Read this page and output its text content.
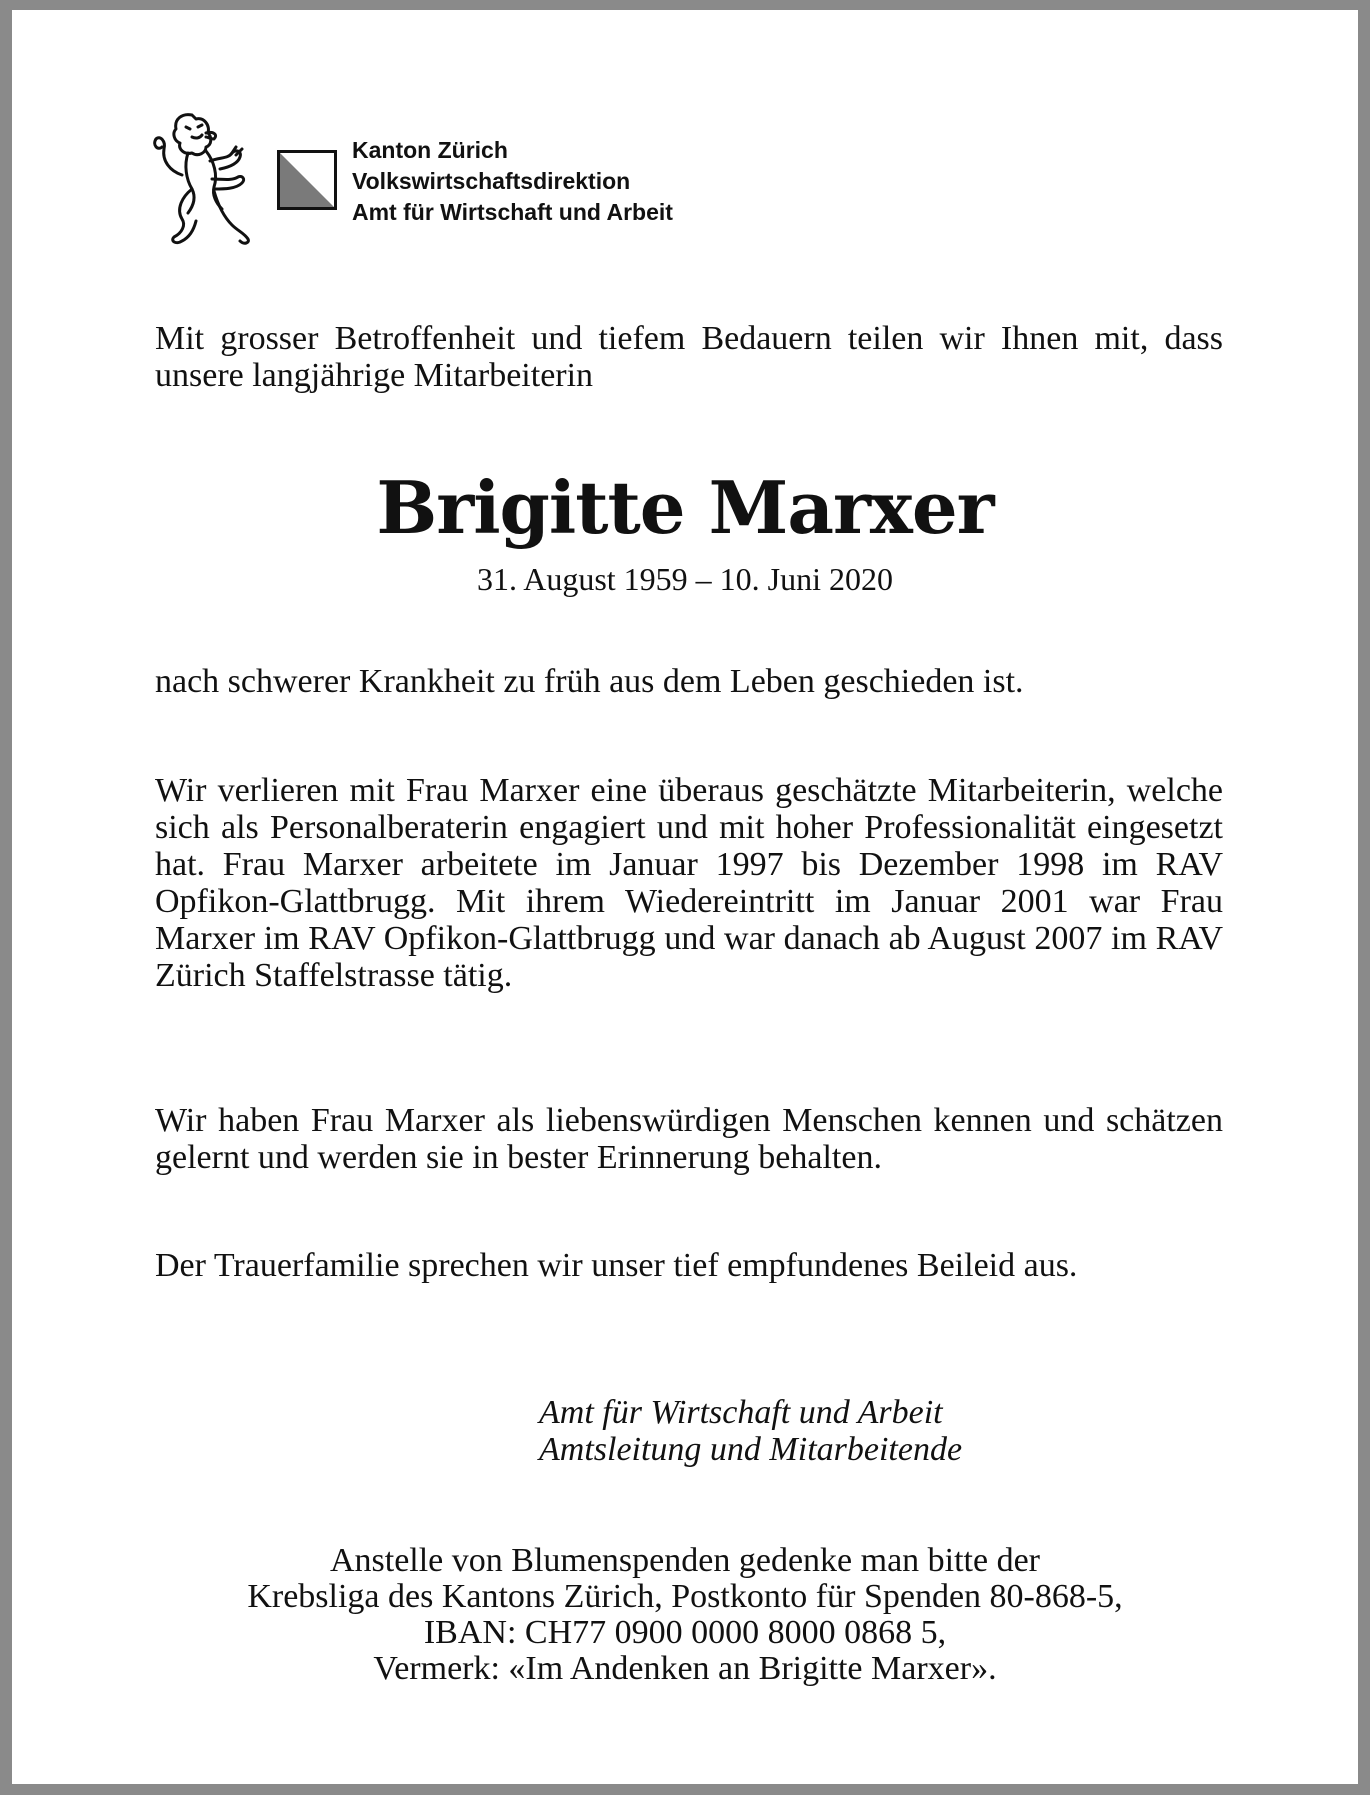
Kanton Zürich
Volkswirtschaftsdirektion
Amt für Wirtschaft und Arbeit

Mit grosser Betroffenheit und tiefem Bedauern teilen wir Ihnen mit, dass unsere langjährige Mitarbeiterin

Brigitte Marxer
31. August 1959 – 10. Juni 2020

nach schwerer Krankheit zu früh aus dem Leben geschieden ist.

Wir verlieren mit Frau Marxer eine überaus geschätzte Mitarbeiterin, welche sich als Personalberaterin engagiert und mit hoher Professionalität eingesetzt hat. Frau Marxer arbeitete im Januar 1997 bis Dezember 1998 im RAV Opfikon-Glattbrugg. Mit ihrem Wiedereintritt im Januar 2001 war Frau Marxer im RAV Opfikon-Glattbrugg und war danach ab August 2007 im RAV Zürich Staffelstrasse tätig.

Wir haben Frau Marxer als liebenswürdigen Menschen kennen und schätzen gelernt und werden sie in bester Erinnerung behalten.

Der Trauerfamilie sprechen wir unser tief empfundenes Beileid aus.

Amt für Wirtschaft und Arbeit
Amtsleitung und Mitarbeitende
Anstelle von Blumenspenden gedenke man bitte der
Krebsliga des Kantons Zürich, Postkonto für Spenden 80-868-5,
IBAN: CH77 0900 0000 8000 0868 5,
Vermerk: «Im Andenken an Brigitte Marxer».
